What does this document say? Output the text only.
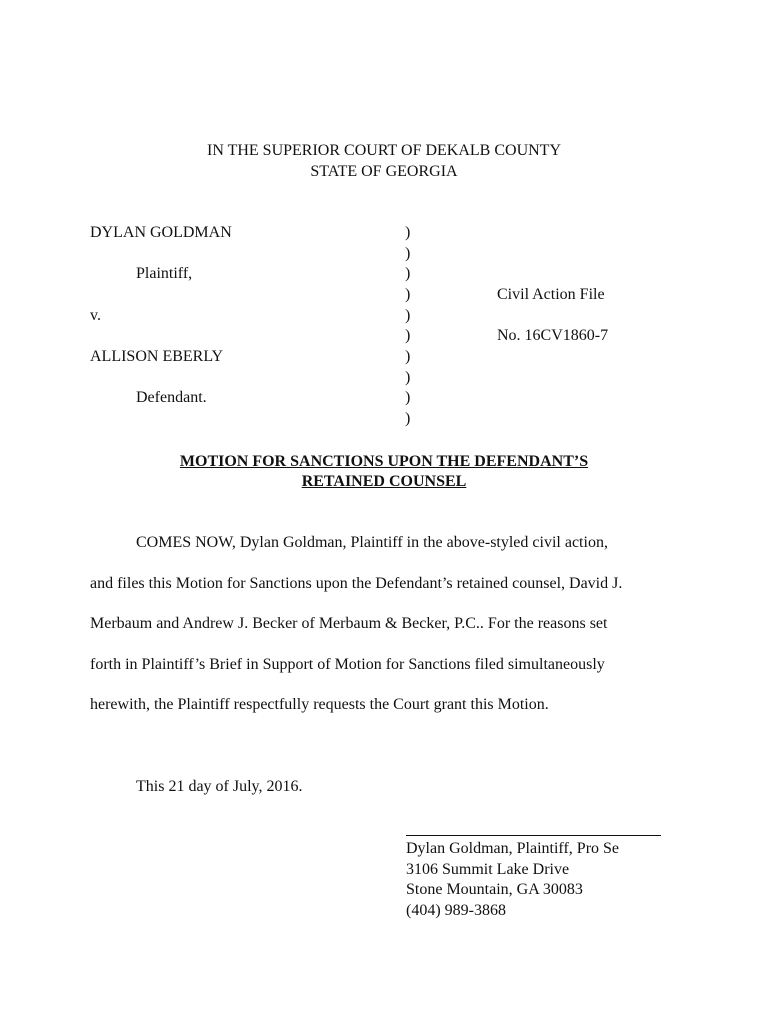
IN THE SUPERIOR COURT OF DEKALB COUNTY
STATE OF GEORGIA
DYLAN GOLDMAN
Plaintiff,
v.
ALLISON EBERLY
Defendant.
)
)
)
)
)
)
)
)
)
)
Civil Action File
No. 16CV1860-7
MOTION FOR SANCTIONS UPON THE DEFENDANT’S
RETAINED COUNSEL
COMES NOW, Dylan Goldman, Plaintiff in the above-styled civil action,
and files this Motion for Sanctions upon the Defendant’s retained counsel, David J.
Merbaum and Andrew J. Becker of Merbaum & Becker, P.C.. For the reasons set
forth in Plaintiff’s Brief in Support of Motion for Sanctions filed simultaneously
herewith, the Plaintiff respectfully requests the Court grant this Motion.
This 21 day of July, 2016.
Dylan Goldman, Plaintiff, Pro Se
3106 Summit Lake Drive
Stone Mountain, GA 30083
(404) 989-3868
